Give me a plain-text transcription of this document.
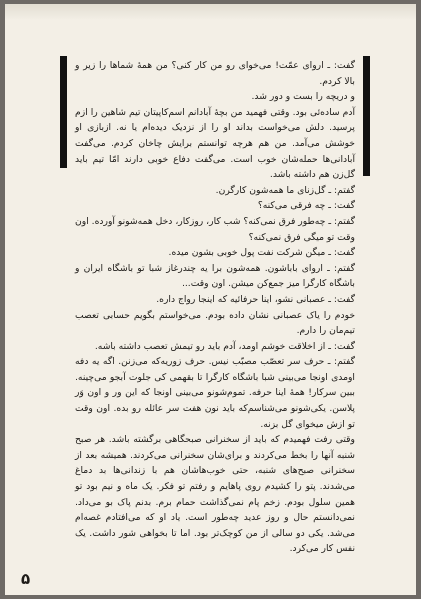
گفت: ـ اروای عمّت! می‌خوای رو من کار کنی؟ من همهٔ شماها را زیر و بالا کردم.

و دریچه را بست و دور شد.

آدم ساده‌ئی بود. وقتی فهمید من بچهٔ آبادانم اسم‌کاپیتان تیم شاهین را ازم پرسید. دلش می‌خواست بداند او را از نزدیک دیده‌ام یا نه. ازبازی او خوشش می‌آمد. من هم هرچه توانستم برایش چاخان کردم. می‌گفت آبادانی‌ها حمله‌شان خوب است. می‌گفت دفاع خوبی دارند امّا تیم باید گل‌زن هم داشته باشد.

گفتم: ـ گل‌زنای ما همه‌شون کارگرن.

گفت: ـ چه فرقی می‌کنه؟

گفتم: ـ چه‌طور فرق نمی‌کنه؟ شب کار، روزکار، دخل همه‌شونو آورده. اون وقت تو میگی فرق نمی‌کنه؟

گفت: ـ میگن شرکت نفت پول خوبی بشون میده.

گفتم: ـ اروای باباشون. همه‌شون برا یه چندرغاز شبا تو باشگاه ایران و باشگاه کارگرا میز جمع‌کن میشن. اون وقت...

گفت: ـ عصبانی نشو، اینا حرفائیه که اینجا رواج داره.

خودم را یاک عصبانی نشان داده بودم. می‌خواستم بگویم حسابی تعصب تیم‌مان را دارم.

گفت: ـ از اخلاقت خوشم اومد، آدم باید رو تیمش تعصب داشته باشه.

گفتم: ـ حرف سر تعصّب مصبّب نیس. حرف زوریه‌که می‌زنن. اگه یه دفه اومدی اونجا می‌بینی شبا باشگاه کارگرا تا بقهمی کی جلوت آبجو می‌چینه. ببین سرکار! همهٔ اینا حرفه. تموم‌شونو می‌بینی اونجا که این ور و اون وَر پلاسن. یکی‌شونو می‌شناسم‌که باید نون هفت سر عائله رو بده. اون وقت تو ازش میخوای گل بزنه.

وقتی رفت فهمیدم که باید از سخنرانی صبحگاهی برگشته باشد. هر صبح شنبه آنها را بخط می‌کردند و برای‌شان سخنرانی می‌کردند. همیشه بعد از سخنرانی صبح‌های شنبه، حتی خوب‌هاشان هم با زندانی‌ها بد دماغ می‌شدند. پتو را کشیدم روی پاهایم و رفتم تو فکر. یک ماه و نیم بود تو همین سلول بودم. زخم پام نمی‌گذاشت حمام برم. بدنم پاک بو می‌داد. نمی‌دانستم حال و روز عدید چه‌طور است. یاد او که می‌افتادم غصه‌ام می‌شد. یکی دو سالی از من کوچک‌تر بود. اما تا بخواهی شور داشت. یک نفس کار می‌کرد.

۵
